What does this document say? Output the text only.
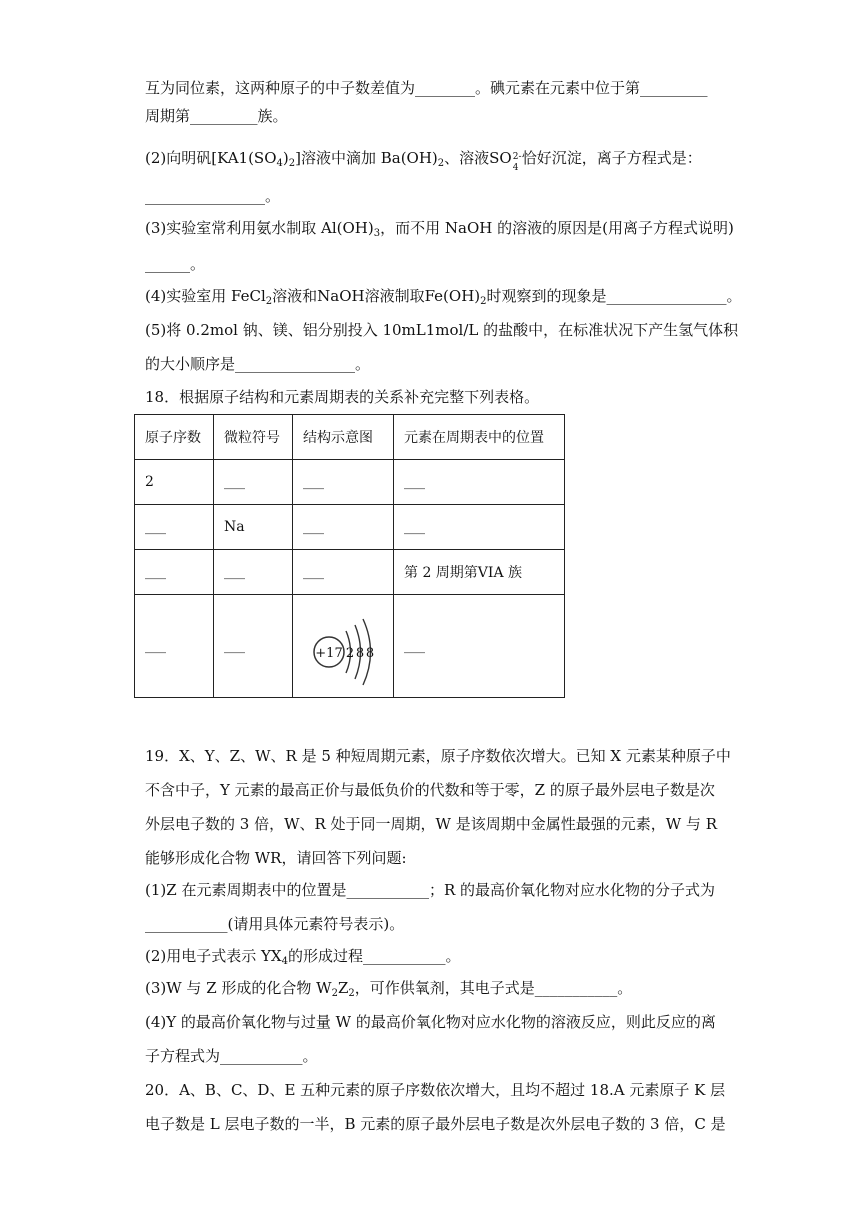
互为同位素，这两种原子的中子数差值为________。碘元素在元素中位于第_________
周期第_________族。
(2)向明矾$[KA1(SO_4)_2]$溶液中滴加 $Ba(OH)_2$、溶液SO 2-
4
恰好沉淀，离子方程式是：
________________。
(3)实验室常利用氨水制取 $Al(OH)_3$，而不用 NaOH 的溶液的原因是(用离子方程式说明)
______。
(4)实验室用 FeCl$_2$溶液和NaOH溶液制取$Fe(OH)_2$时观察到的现象是________________。
(5)将 0.2mol 钠、镁、铝分别投入 10mL1mol/L 的盐酸中，在标准状况下产生氢气体积
的大小顺序是________________。
18．根据原子结构和元素周期表的关系补充完整下列表格。
原子序数	微粒符号	结构示意图	元素在周期表中的位置
2	___	___	___
___	Na	___	___
___	___	___	第 2 周期第VIA 族
___	___	+17 2 8 8	___
19．X、Y、Z、W、R 是 5 种短周期元素，原子序数依次增大。已知 X 元素某种原子中
不含中子，Y 元素的最高正价与最低负价的代数和等于零，Z 的原子最外层电子数是次
外层电子数的 3 倍，W、R 处于同一周期，W 是该周期中金属性最强的元素，W 与 R
能够形成化合物 WR，请回答下列问题:
(1)Z 在元素周期表中的位置是___________；R 的最高价氧化物对应水化物的分子式为
___________(请用具体元素符号表示)。
(2)用电子式表示 $YX_4$的形成过程___________。
(3)W 与 Z 形成的化合物 $W_2Z_2$，可作供氧剂，其电子式是___________。
(4)Y 的最高价氧化物与过量 W 的最高价氧化物对应水化物的溶液反应，则此反应的离
子方程式为___________。
20．A、B、C、D、E 五种元素的原子序数依次增大，且均不超过 18.A 元素原子 K 层
电子数是 L 层电子数的一半，B 元素的原子最外层电子数是次外层电子数的 3 倍，C 是
